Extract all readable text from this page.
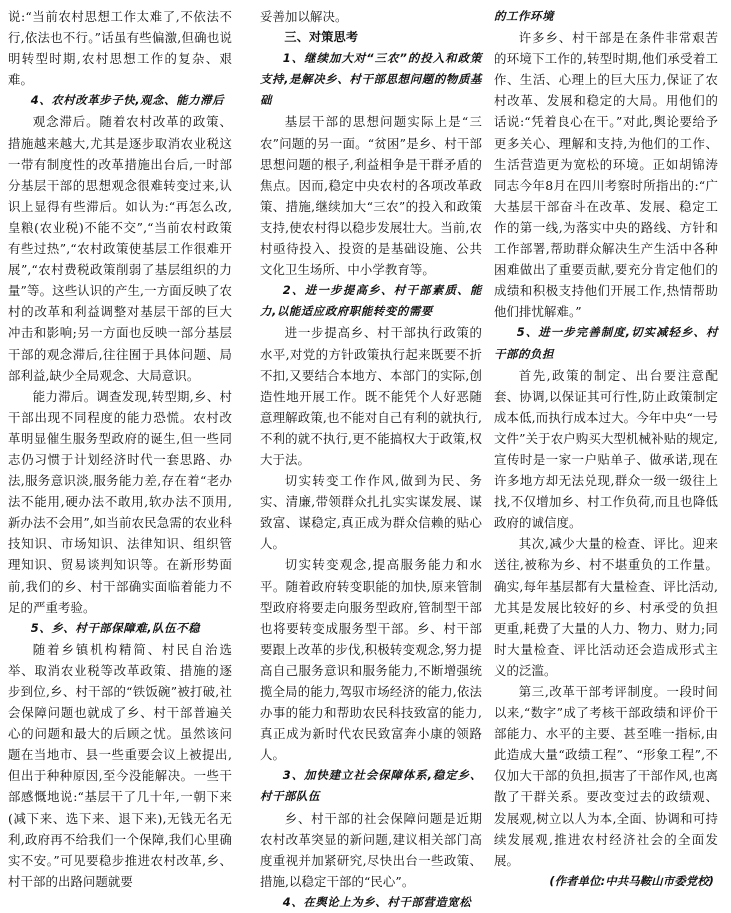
说:“当前农村思想工作太难了,不依法不行,依法也不行。”话虽有些偏激,但确也说明转型时期,农村思想工作的复杂、艰难。

4、农村改革步子快,观念、能力滞后

观念滞后。随着农村改革的政策、措施越来越大,尤其是逐步取消农业税这一带有制度性的改革措施出台后,一时部分基层干部的思想观念很难转变过来,认识上显得有些滞后。如认为:“再怎么改,皇粮(农业税)不能不交”,“当前农村政策有些过热”,“农村政策使基层工作很难开展”,“农村费税政策削弱了基层组织的力量”等。这些认识的产生,一方面反映了农村的改革和利益调整对基层干部的巨大冲击和影响;另一方面也反映一部分基层干部的观念滞后,往往囿于具体问题、局部利益,缺少全局观念、大局意识。

能力滞后。调查发现,转型期,乡、村干部出现不同程度的能力恐慌。农村改革明显催生服务型政府的诞生,但一些同志仍习惯于计划经济时代一套思路、办法,服务意识淡,服务能力差,存在着“老办法不能用,硬办法不敢用,软办法不顶用,新办法不会用”,如当前农民急需的农业科技知识、市场知识、法律知识、组织管理知识、贸易谈判知识等。在新形势面前,我们的乡、村干部确实面临着能力不足的严重考验。

5、乡、村干部保障难,队伍不稳

随着乡镇机构精简、村民自治选举、取消农业税等改革政策、措施的逐步到位,乡、村干部的“铁饭碗”被打破,社会保障问题也就成了乡、村干部普遍关心的问题和最大的后顾之忧。虽然该问题在当地市、县一些重要会议上被提出,但出于种种原因,至今没能解决。一些干部感慨地说:“基层干了几十年,一朝下来(减下来、选下来、退下来),无钱无名无利,政府再不给我们一个保障,我们心里确实不安。”可见要稳步推进农村改革,乡、村干部的出路问题就要

妥善加以解决。

三、对策思考

1、继续加大对“三农”的投入和政策支持,是解决乡、村干部思想问题的物质基础

基层干部的思想问题实际上是“三农”问题的另一面。“贫困”是乡、村干部思想问题的根子,利益相争是干群矛盾的焦点。因而,稳定中央农村的各项改革政策、措施,继续加大“三农”的投入和政策支持,使农村得以稳步发展壮大。当前,农村亟待投入、投资的是基础设施、公共文化卫生场所、中小学教育等。

2、进一步提高乡、村干部素质、能力,以能适应政府职能转变的需要

进一步提高乡、村干部执行政策的水平,对党的方针政策执行起来既要不折不扣,又要结合本地方、本部门的实际,创造性地开展工作。既不能凭个人好恶随意理解政策,也不能对自己有利的就执行,不利的就不执行,更不能搞权大于政策,权大于法。

切实转变工作作风,做到为民、务实、清廉,带领群众扎扎实实谋发展、谋致富、谋稳定,真正成为群众信赖的贴心人。

切实转变观念,提高服务能力和水平。随着政府转变职能的加快,原来管制型政府将要走向服务型政府,管制型干部也将要转变成服务型干部。乡、村干部要跟上改革的步伐,积极转变观念,努力提高自己服务意识和服务能力,不断增强统揽全局的能力,驾驭市场经济的能力,依法办事的能力和帮助农民科技致富的能力,真正成为新时代农民致富奔小康的领路人。

3、加快建立社会保障体系,稳定乡、村干部队伍

乡、村干部的社会保障问题是近期农村改革突显的新问题,建议相关部门高度重视并加紧研究,尽快出台一些政策、措施,以稳定干部的“民心”。

4、在舆论上为乡、村干部营造宽松

的工作环境

许多乡、村干部是在条件非常艰苦的环境下工作的,转型时期,他们承受着工作、生活、心理上的巨大压力,保证了农村改革、发展和稳定的大局。用他们的话说:“凭着良心在干。”对此,舆论要给予更多关心、理解和支持,为他们的工作、生活营造更为宽松的环境。正如胡锦涛同志今年8月在四川考察时所指出的:“广大基层干部奋斗在改革、发展、稳定工作的第一线,为落实中央的路线、方针和工作部署,帮助群众解决生产生活中各种困难做出了重要贡献,要充分肯定他们的成绩和积极支持他们开展工作,热情帮助他们排忧解难。”

5、进一步完善制度,切实减轻乡、村干部的负担

首先,政策的制定、出台要注意配套、协调,以保证其可行性,防止政策制定成本低,而执行成本过大。今年中央“一号文件”关于农户购买大型机械补贴的规定,宣传时是一家一户贴单子、做承诺,现在许多地方却无法兑现,群众一级一级往上找,不仅增加乡、村工作负荷,而且也降低政府的诚信度。

其次,减少大量的检查、评比。迎来送往,被称为乡、村不堪重负的工作量。确实,每年基层都有大量检查、评比活动,尤其是发展比较好的乡、村承受的负担更重,耗费了大量的人力、物力、财力;同时大量检查、评比活动还会造成形式主义的泛滥。

第三,改革干部考评制度。一段时间以来,“数字”成了考核干部政绩和评价干部能力、水平的主要、甚至唯一指标,由此造成大量“政绩工程”、“形象工程”,不仅加大干部的负担,损害了干部作风,也离散了干群关系。要改变过去的政绩观、发展观,树立以人为本,全面、协调和可持续发展观,推进农村经济社会的全面发展。

(作者单位:中共马鞍山市委党校)
